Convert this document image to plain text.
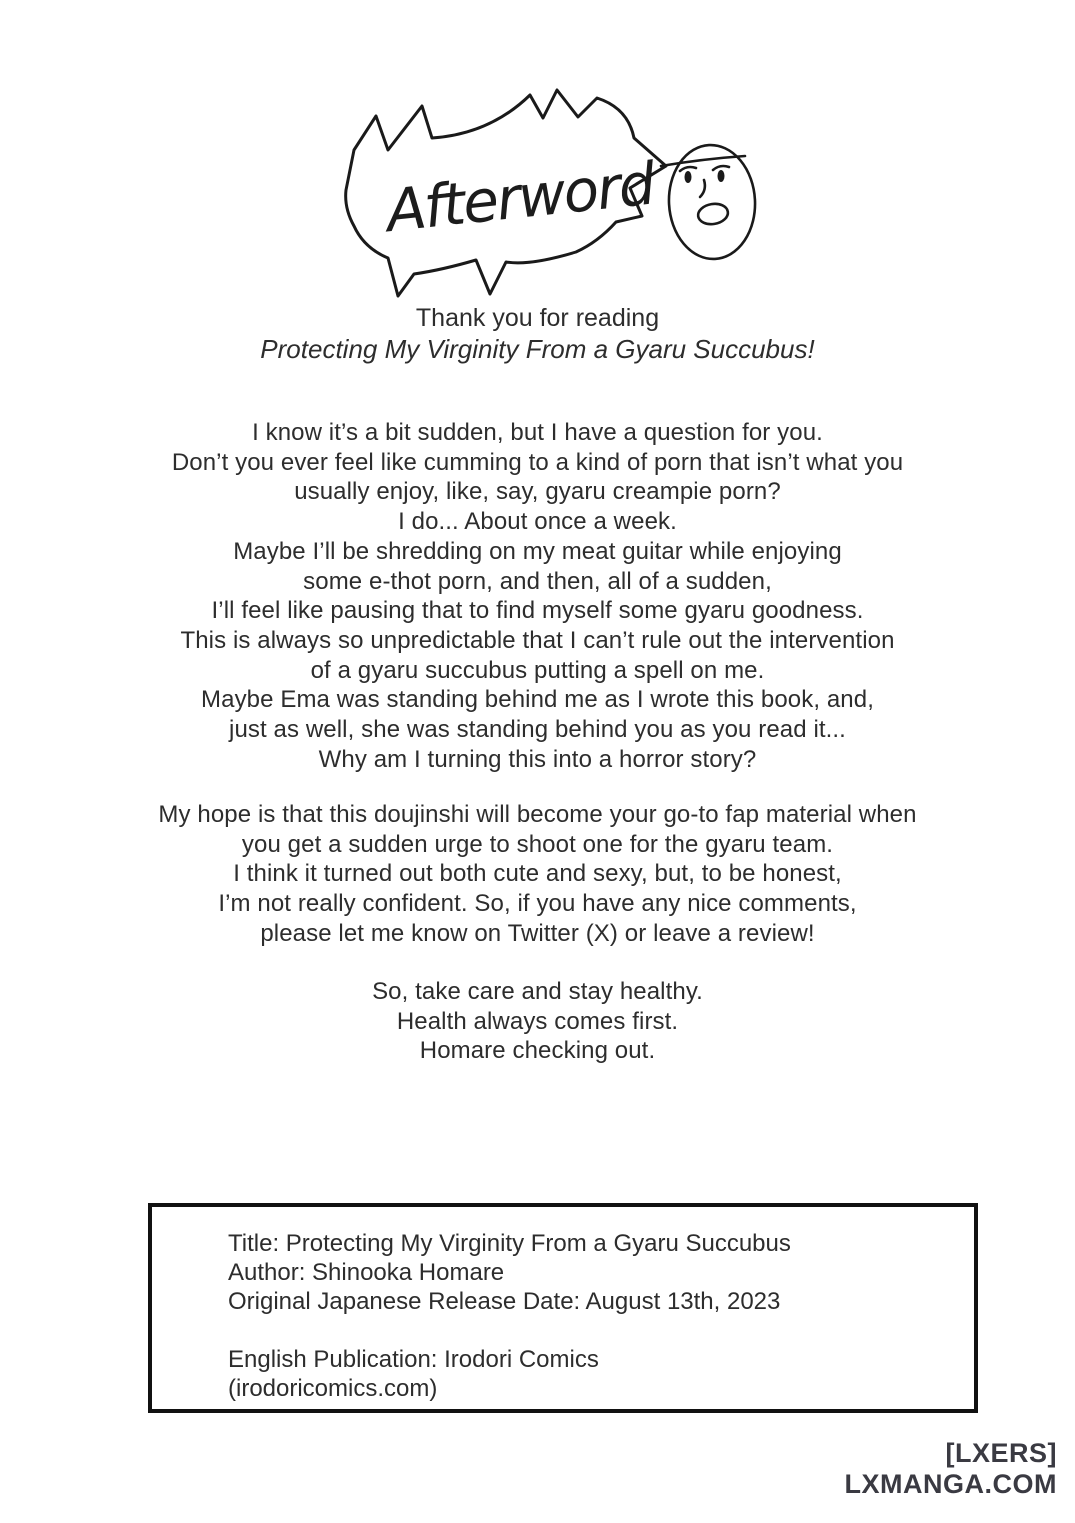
Afterword
Thank you for reading
Protecting My Virginity From a Gyaru Succubus!
I know it’s a bit sudden, but I have a question for you.
Don’t you ever feel like cumming to a kind of porn that isn’t what you
usually enjoy, like, say, gyaru creampie porn?
I do... About once a week.
Maybe I’ll be shredding on my meat guitar while enjoying
some e-thot porn, and then, all of a sudden,
I’ll feel like pausing that to find myself some gyaru goodness.
This is always so unpredictable that I can’t rule out the intervention
of a gyaru succubus putting a spell on me.
Maybe Ema was standing behind me as I wrote this book, and,
just as well, she was standing behind you as you read it...
Why am I turning this into a horror story?
My hope is that this doujinshi will become your go-to fap material when
you get a sudden urge to shoot one for the gyaru team.
I think it turned out both cute and sexy, but, to be honest,
I’m not really confident. So, if you have any nice comments,
please let me know on Twitter (X) or leave a review!
So, take care and stay healthy.
Health always comes first.
Homare checking out.
Title: Protecting My Virginity From a Gyaru Succubus
Author: Shinooka Homare
Original Japanese Release Date: August 13th, 2023
English Publication: Irodori Comics
(irodoricomics.com)
[LXERS]
LXMANGA.COM
